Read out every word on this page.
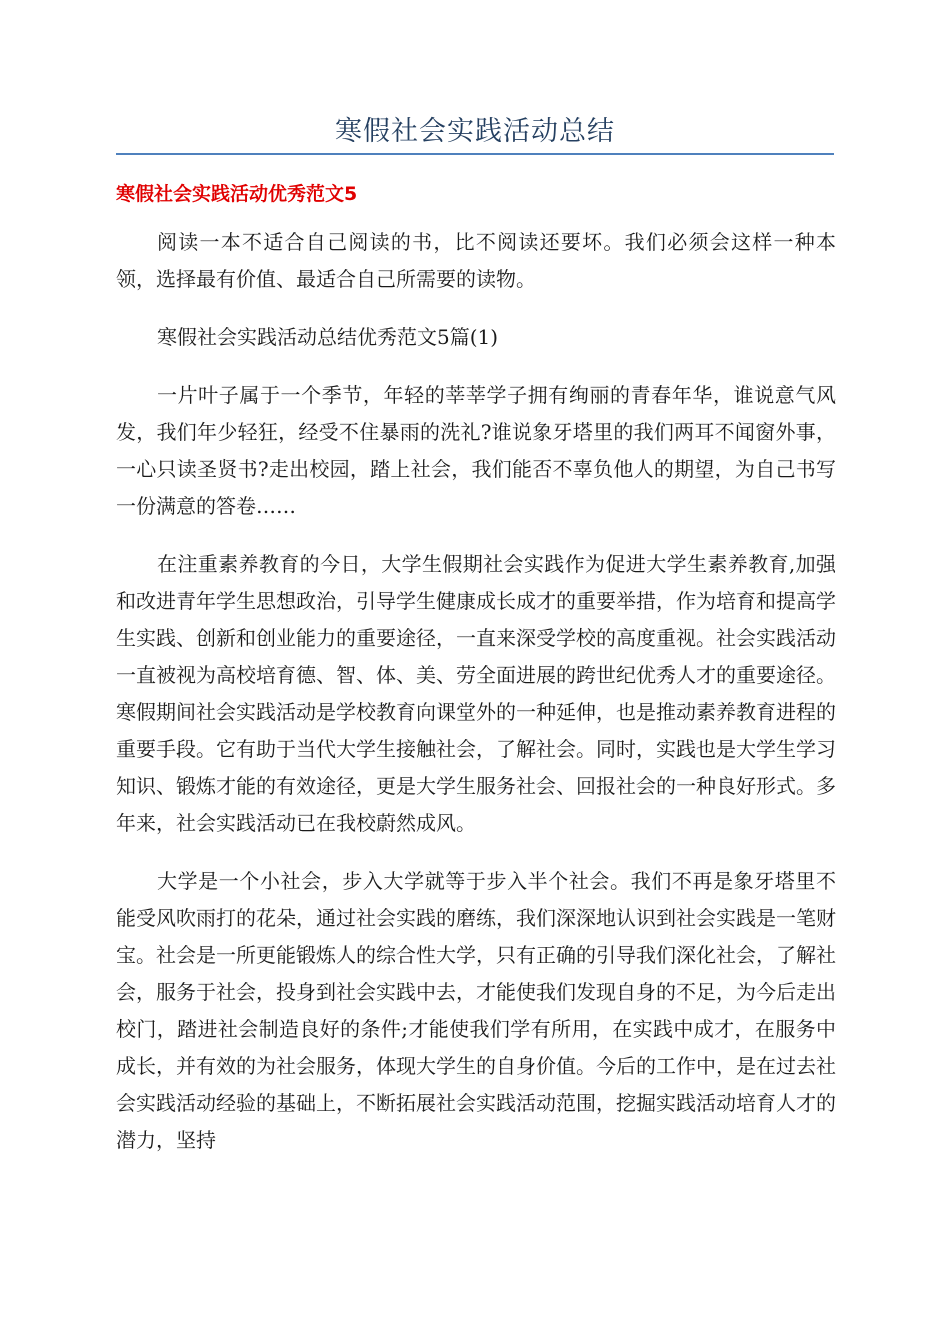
寒假社会实践活动总结
寒假社会实践活动优秀范文5

阅读一本不适合自己阅读的书，比不阅读还要坏。我们必须会这样一种本领，选择最有价值、最适合自己所需要的读物。

寒假社会实践活动总结优秀范文5篇(1)

一片叶子属于一个季节，年轻的莘莘学子拥有绚丽的青春年华，谁说意气风发，我们年少轻狂，经受不住暴雨的洗礼?谁说象牙塔里的我们两耳不闻窗外事，一心只读圣贤书?走出校园，踏上社会，我们能否不辜负他人的期望，为自己书写一份满意的答卷……

在注重素养教育的今日，大学生假期社会实践作为促进大学生素养教育,加强和改进青年学生思想政治，引导学生健康成长成才的重要举措，作为培育和提高学生实践、创新和创业能力的重要途径，一直来深受学校的高度重视。社会实践活动一直被视为高校培育德、智、体、美、劳全面进展的跨世纪优秀人才的重要途径。寒假期间社会实践活动是学校教育向课堂外的一种延伸，也是推动素养教育进程的重要手段。它有助于当代大学生接触社会，了解社会。同时，实践也是大学生学习知识、锻炼才能的有效途径，更是大学生服务社会、回报社会的一种良好形式。多年来，社会实践活动已在我校蔚然成风。

大学是一个小社会，步入大学就等于步入半个社会。我们不再是象牙塔里不能受风吹雨打的花朵，通过社会实践的磨练，我们深深地认识到社会实践是一笔财宝。社会是一所更能锻炼人的综合性大学，只有正确的引导我们深化社会，了解社会，服务于社会，投身到社会实践中去，才能使我们发现自身的不足，为今后走出校门，踏进社会制造良好的条件;才能使我们学有所用，在实践中成才，在服务中成长，并有效的为社会服务，体现大学生的自身价值。今后的工作中，是在过去社会实践活动经验的基础上，不断拓展社会实践活动范围，挖掘实践活动培育人才的潜力，坚持
